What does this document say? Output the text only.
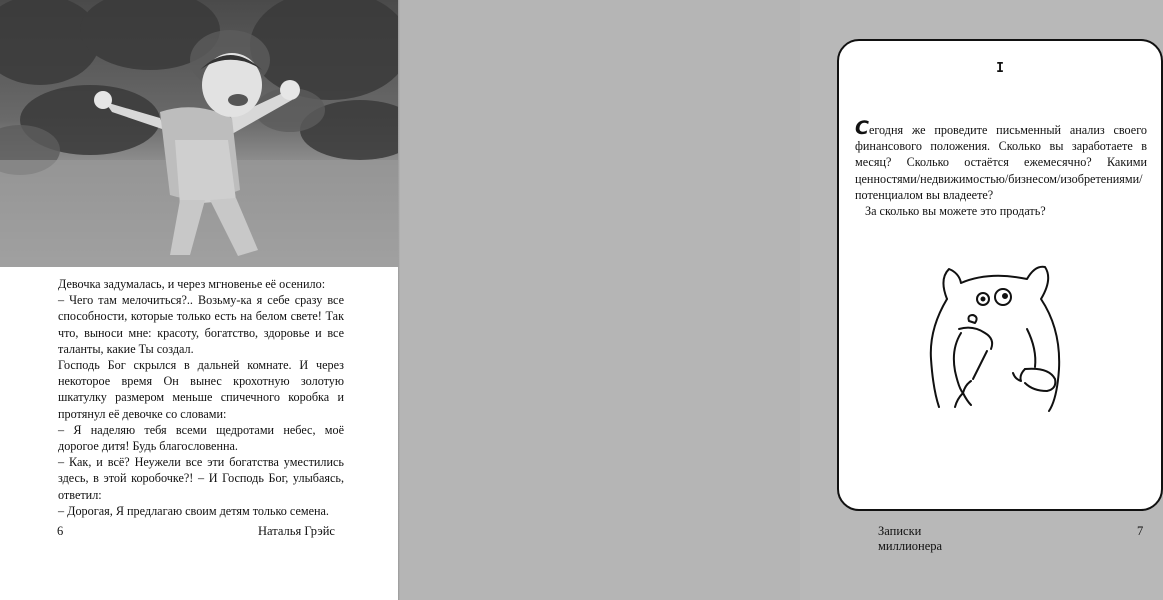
Девочка задумалась, и через мгновенье её осенило:

– Чего там мелочиться?.. Возьму-ка я себе сразу все способности, которые только есть на белом свете! Так что, выноси мне: красоту, богатство, здоровье и все таланты, какие Ты создал.

Господь Бог скрылся в дальней комнате. И через некоторое время Он вынес крохотную золотую шкатулку размером меньше спичечного коробка и протянул её девочке со словами:

– Я наделяю тебя всеми щедротами небес, моё дорогое дитя! Будь благословенна.

– Как, и всё? Неужели все эти богатства уместились здесь, в этой коробочке?! – И Господь Бог, улыбаясь, ответил:

– Дорогая, Я предлагаю своим детям только семена.

6	Наталья Грэйс
I

Сегодня же проведите письменный анализ своего финансового положения. Сколько вы заработаете в месяц? Сколько остаётся ежемесячно? Какими ценностями/недвижимостью/бизнесом/изобретениями/потенциалом вы владеете?

За сколько вы можете это продать?

Записки миллионера
7
